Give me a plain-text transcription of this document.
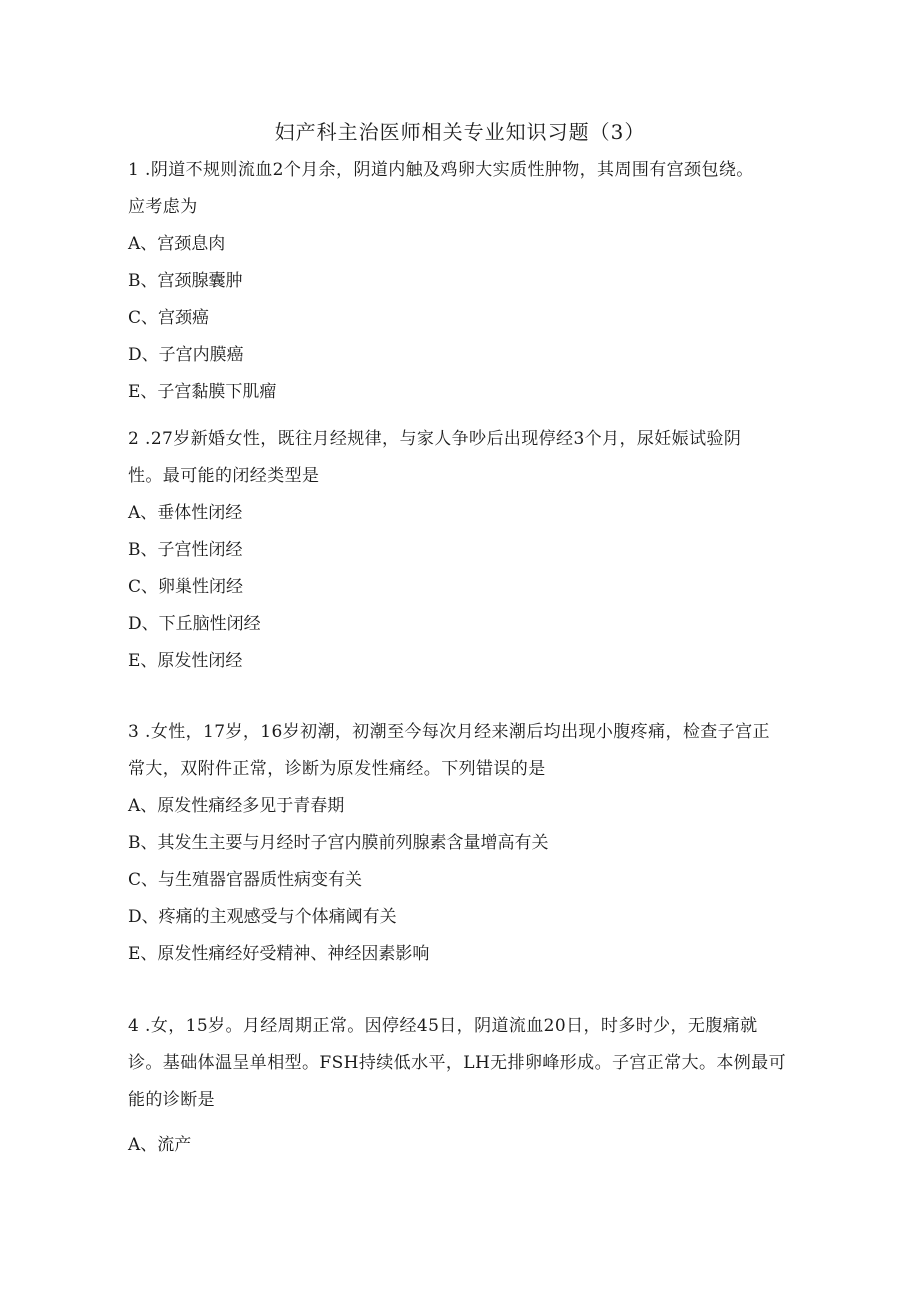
妇产科主治医师相关专业知识习题（3）
1 .阴道不规则流血2个月余，阴道内触及鸡卵大实质性肿物，其周围有宫颈包绕。
应考虑为
A、宫颈息肉
B、宫颈腺囊肿
C、宫颈癌
D、子宫内膜癌
E、子宫黏膜下肌瘤
2 .27岁新婚女性，既往月经规律，与家人争吵后出现停经3个月，尿妊娠试验阴
性。最可能的闭经类型是
A、垂体性闭经
B、子宫性闭经
C、卵巢性闭经
D、下丘脑性闭经
E、原发性闭经
3 .女性，17岁，16岁初潮，初潮至今每次月经来潮后均出现小腹疼痛，检查子宫正
常大，双附件正常，诊断为原发性痛经。下列错误的是
A、原发性痛经多见于青春期
B、其发生主要与月经时子宫内膜前列腺素含量增高有关
C、与生殖器官器质性病变有关
D、疼痛的主观感受与个体痛阈有关
E、原发性痛经好受精神、神经因素影响
4 .女，15岁。月经周期正常。因停经45日，阴道流血20日，时多时少，无腹痛就
诊。基础体温呈单相型。FSH持续低水平，LH无排卵峰形成。子宫正常大。本例最可
能的诊断是
A、流产
